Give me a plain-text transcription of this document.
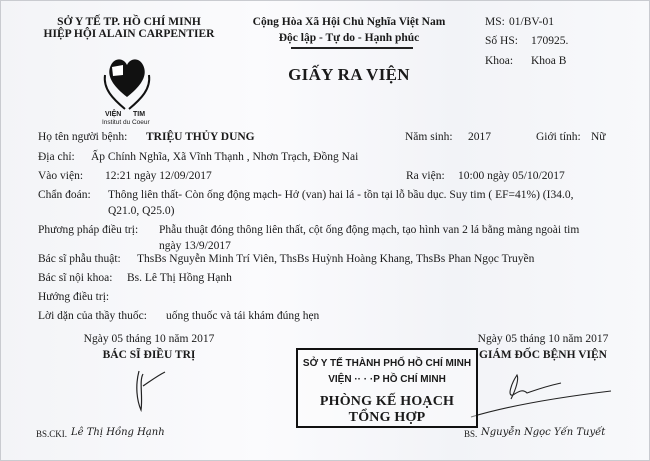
SỞ Y TẾ TP. HỒ CHÍ MINH
HIỆP HỘI ALAIN CARPENTIER
VIỆN TIM
Institut du Coeur
Cộng Hòa Xã Hội Chủ Nghĩa Việt Nam
Độc lập - Tự do - Hạnh phúc
GIẤY RA VIỆN
MS: 01/BV-01
Số HS: 170925.
Khoa: Khoa B
Họ tên người bệnh: TRIỆU THỦY DUNG	Năm sinh: 2017	Giới tính: Nữ
Địa chỉ: Ấp Chính Nghĩa, Xã Vĩnh Thạnh , Nhơn Trạch, Đồng Nai
Vào viện: 12:21 ngày 12/09/2017	Ra viện: 10:00 ngày 05/10/2017
Chẩn đoán: Thông liên thất- Còn ống động mạch- Hở (van) hai lá - tồn tại lỗ bầu dục. Suy tim ( EF=41%) (I34.0,
Q21.0, Q25.0)
Phương pháp điều trị: Phẫu thuật đóng thông liên thất, cột ống động mạch, tạo hình van 2 lá bằng màng ngoài tim
ngày 13/9/2017
Bác sĩ phẫu thuật: ThsBs Nguyễn Minh Trí Viên, ThsBs Huỳnh Hoàng Khang, ThsBs Phan Ngọc Truyền
Bác sĩ nội khoa: Bs. Lê Thị Hồng Hạnh
Hướng điều trị:
Lời dặn của thầy thuốc: uống thuốc và tái khám đúng hẹn
Ngày 05 tháng 10 năm 2017
BÁC SĨ ĐIỀU TRỊ
BS.CKI. Lê Thị Hồng Hạnh
Ngày 05 tháng 10 năm 2017
GIÁM ĐỐC BỆNH VIỆN
BS. Nguyễn Ngọc Yến Tuyết
SỞ Y TẾ THÀNH PHỐ HỒ CHÍ MINH
VIỆN ·· · ·P HỒ CHÍ MINH
PHÒNG KẾ HOẠCH TỔNG HỢP
